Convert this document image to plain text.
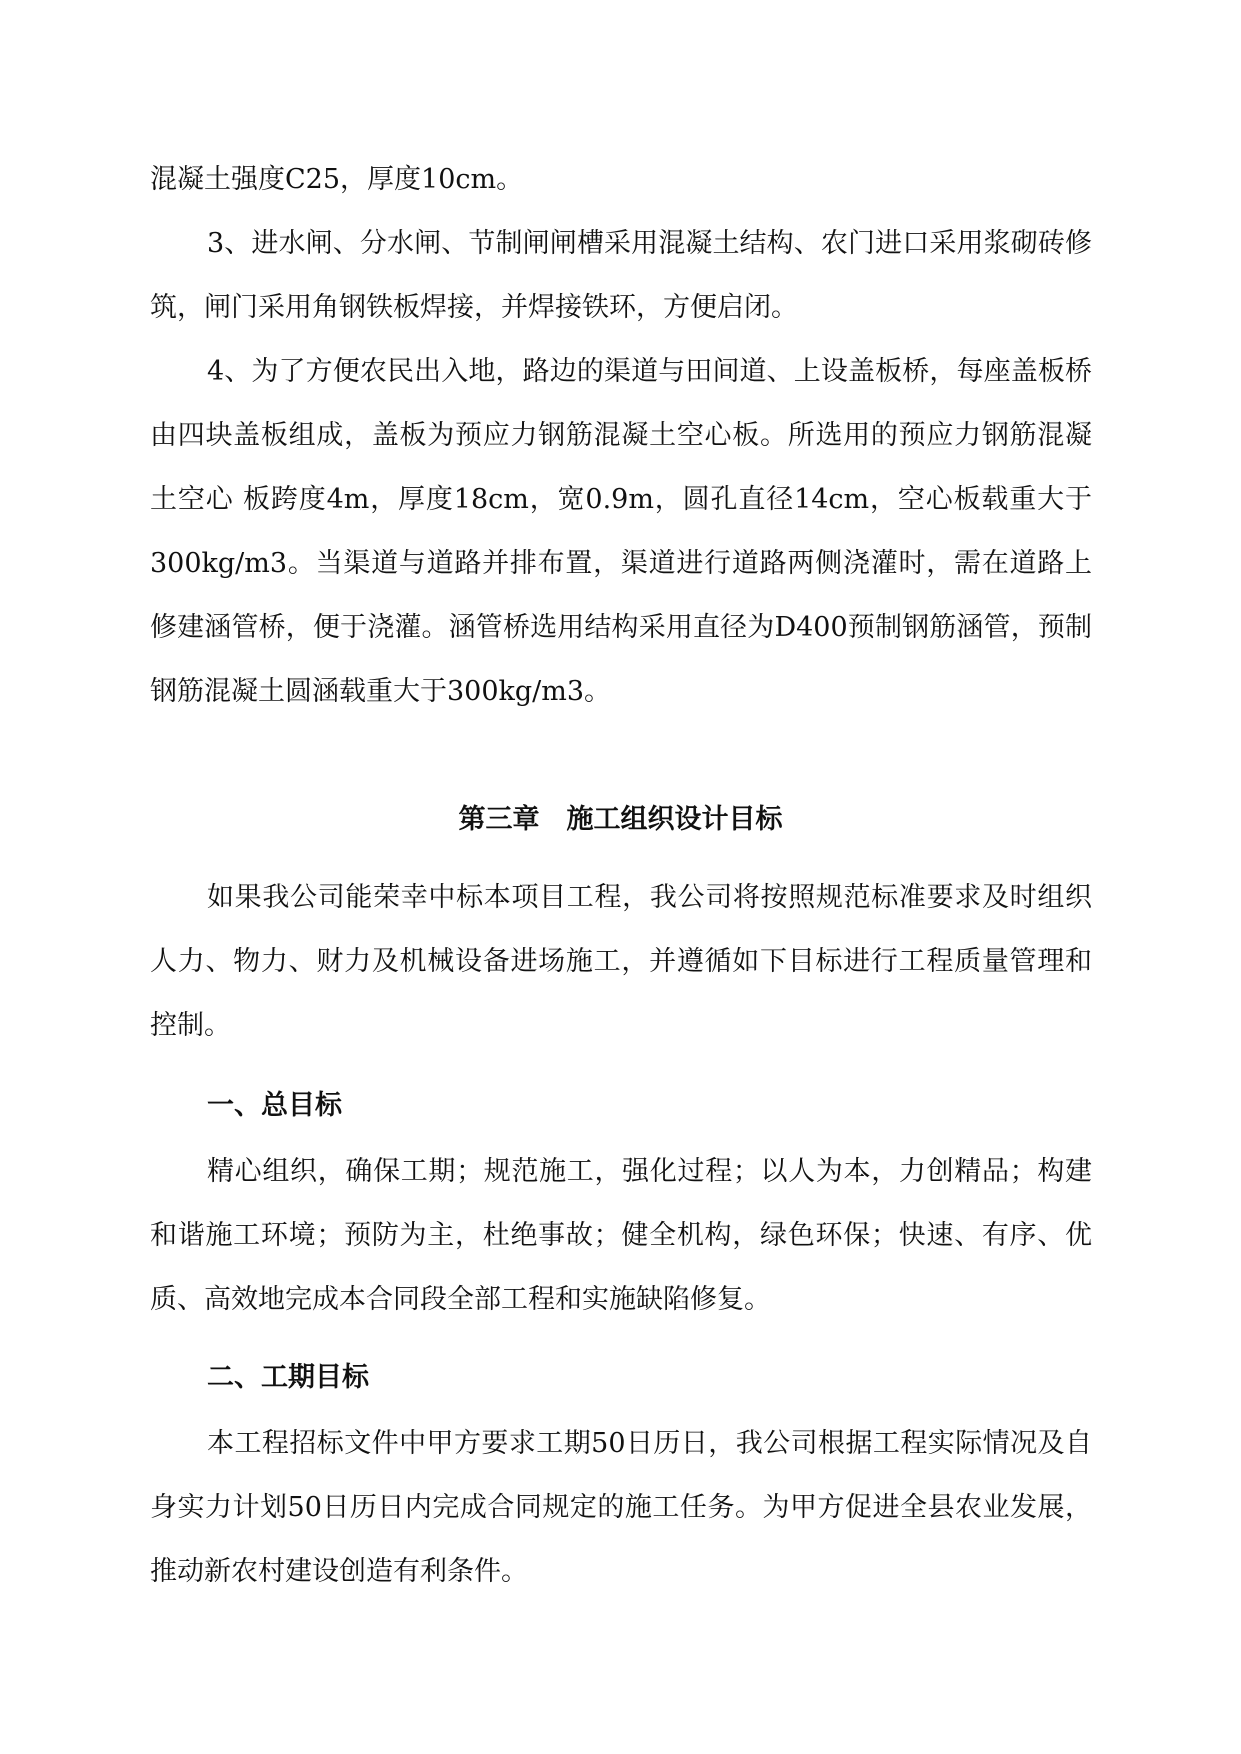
混凝土强度C25，厚度10cm。

3、进水闸、分水闸、节制闸闸槽采用混凝土结构、农门进口采用浆砌砖修筑，闸门采用角钢铁板焊接，并焊接铁环，方便启闭。

4、为了方便农民出入地，路边的渠道与田间道、上设盖板桥，每座盖板桥由四块盖板组成，盖板为预应力钢筋混凝土空心板。所选用的预应力钢筋混凝土空心 板跨度4m，厚度18cm，宽0.9m，圆孔直径14cm，空心板载重大于300kg/m3。当渠道与道路并排布置，渠道进行道路两侧浇灌时，需在道路上修建涵管桥，便于浇灌。涵管桥选用结构采用直径为D400预制钢筋涵管，预制钢筋混凝土圆涵载重大于300kg/m3。

第三章　施工组织设计目标

如果我公司能荣幸中标本项目工程，我公司将按照规范标准要求及时组织人力、物力、财力及机械设备进场施工，并遵循如下目标进行工程质量管理和控制。

一、总目标

精心组织，确保工期；规范施工，强化过程；以人为本，力创精品；构建和谐施工环境；预防为主，杜绝事故；健全机构，绿色环保；快速、有序、优质、高效地完成本合同段全部工程和实施缺陷修复。

二、工期目标

本工程招标文件中甲方要求工期50日历日，我公司根据工程实际情况及自身实力计划50日历日内完成合同规定的施工任务。为甲方促进全县农业发展，推动新农村建设创造有利条件。
